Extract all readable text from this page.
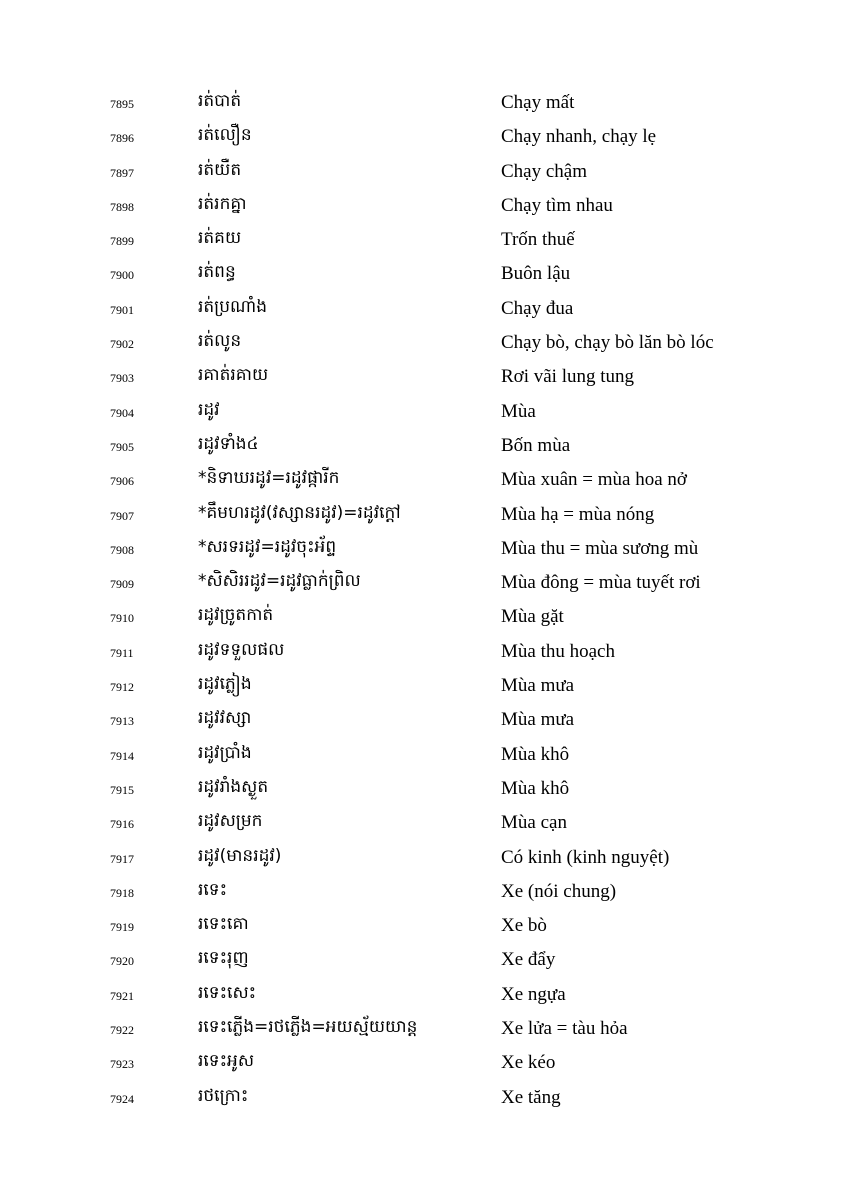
7895	រត់បាត់	Chạy mất
7896	រត់លឿន	Chạy nhanh, chạy lẹ
7897	រត់យឺត	Chạy chậm
7898	រត់រកគ្នា	Chạy tìm nhau
7899	រត់គយ	Trốn thuế
7900	រត់ពន្ធ	Buôn lậu
7901	រត់ប្រណាំង	Chạy đua
7902	រត់លូន	Chạy bò, chạy bò lăn bò lóc
7903	រគាត់រគាយ	Rơi vãi lung tung
7904	រដូវ	Mùa
7905	រដូវទាំង៤	Bốn mùa
7906	*និទាឃរដូវ=រដូវផ្ការីក	Mùa xuân = mùa hoa nở
7907	*គឹមហរដូវ(វស្សានរដូវ)=រដូវក្ដៅ	Mùa hạ = mùa nóng
7908	*សរទរដូវ=រដូវចុះអ័ព្ទ	Mùa thu = mùa sương mù
7909	*សិសិររដូវ=រដូវធ្លាក់ព្រិល	Mùa đông = mùa tuyết rơi
7910	រដូវច្រូតកាត់	Mùa gặt
7911	រដូវទទួលផល	Mùa thu hoạch
7912	រដូវភ្លៀង	Mùa mưa
7913	រដូវវស្សា	Mùa mưa
7914	រដូវប្រាំង	Mùa khô
7915	រដូវរាំងស្ងួត	Mùa khô
7916	រដូវសម្រក	Mùa cạn
7917	រដូវ(មានរដូវ)	Có kinh (kinh nguyệt)
7918	រទេះ	Xe (nói chung)
7919	រទេះគោ	Xe bò
7920	រទេះរុញ	Xe đẩy
7921	រទេះសេះ	Xe ngựa
7922	រទេះភ្លើង=រថភ្លើង=អយស្ម័យយាន្ត	Xe lửa = tàu hỏa
7923	រទេះអូស	Xe kéo
7924	រថក្រោះ	Xe tăng
